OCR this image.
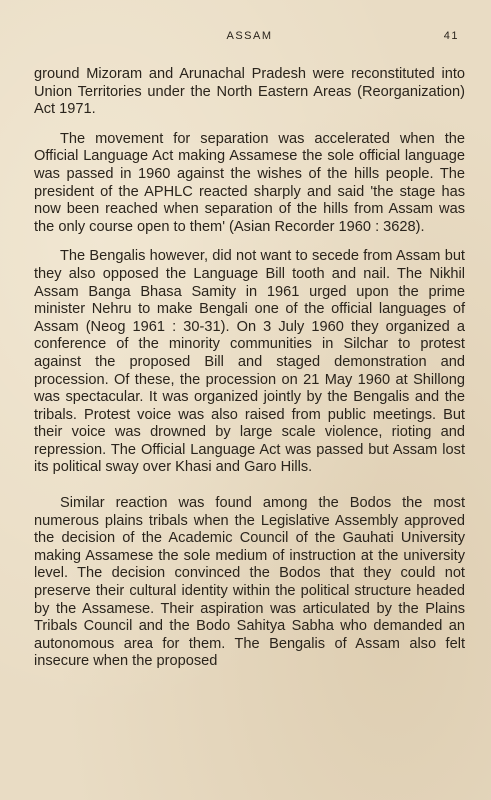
ASSAM	41

ground Mizoram and Arunachal Pradesh were reconstituted into Union Territories under the North Eastern Areas (Reorganization) Act 1971.

The movement for separation was accelerated when the Official Language Act making Assamese the sole official language was passed in 1960 against the wishes of the hills people. The president of the APHLC reacted sharply and said 'the stage has now been reached when separation of the hills from Assam was the only course open to them' (Asian Recorder 1960 : 3628).

The Bengalis however, did not want to secede from Assam but they also opposed the Language Bill tooth and nail. The Nikhil Assam Banga Bhasa Samity in 1961 urged upon the prime minister Nehru to make Bengali one of the official languages of Assam (Neog 1961 : 30-31). On 3 July 1960 they organized a conference of the minority communities in Silchar to protest against the proposed Bill and staged demonstration and procession. Of these, the procession on 21 May 1960 at Shillong was spectacular. It was organized jointly by the Bengalis and the tribals. Protest voice was also raised from public meetings. But their voice was drowned by large scale violence, rioting and repression. The Official Language Act was passed but Assam lost its political sway over Khasi and Garo Hills.

Similar reaction was found among the Bodos the most numerous plains tribals when the Legislative Assembly approved the decision of the Academic Council of the Gauhati University making Assamese the sole medium of instruction at the university level. The decision convinced the Bodos that they could not preserve their cultural identity within the political structure headed by the Assamese. Their aspiration was articulated by the Plains Tribals Council and the Bodo Sahitya Sabha who demanded an autonomous area for them. The Bengalis of Assam also felt insecure when the proposed
